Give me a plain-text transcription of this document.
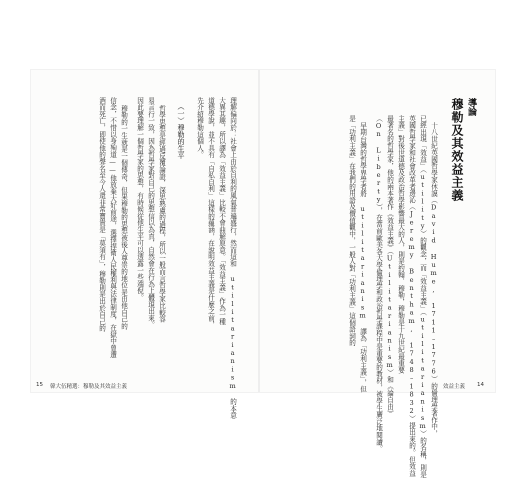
導論
穆勒及其效益主義
十八世紀英國哲學家休謨（David Hume, 1711–1776）的倫理學著作中，
已經出現「效益」（utility）的觀念，而「效益主義」（utilitarianism）的名稱，則是
英國哲學家和社會改革者邊沁（Jeremy Bentham, 1748–1832）提出來的。但效益
主義」對後世道德及政治哲學影響最大的人，則是約翰．穆勒，穆勒是十九世紀最重要
最著名的哲學家，他的兩本著作《效益主義》（Utilitarianism）和《論自由》
（On Liberty），在當前歐美各大學倫理學和政治哲學課程中是重要的教材，被學生廣泛地閱讀。
早期台灣的哲學界學者將 utilitarianism 譯為「功利主義」，但
是「功利主義」在我們的用語及價值觀中，一般人對「功利主義」這個語詞的
理解偏向於：社會上由於自利的風氣普遍盛行，然而這和 utilitarianism 的本意
大異其趣，所以譯為「效益主義」比較不會曲解原意。「效益主義」作為一種
道德學說，並不具有「自私自利」這樣的蘊涵，在說明效益主義是什麼之前，
先介紹穆勒這個人。
（一）穆勒的生平
哲學思想是經過反覆論證，深思熟慮的過程，所以一般而言哲學家比較容
易言行一致，因為哲學家對自己的思想信以為真，自然會在行為上體現出來。
因此要理解一個哲學家的思想，有時候從他生平可以透露一些端倪。
穆勒的一生就是一個傳奇，但果穆勒的思想被後人尊崇的地位是由他自己的
信念，不惜以身殉道——他放棄大好前途，選擇捍衛人民權利與法律制度，在獄中曾遭
酒而死亡，即使他的聲名至今人還非常寶貴是「莫須有」，穆勒則是出於自己的
15 韓大伍精選：穆勒及其效益主義	效益主義 14
